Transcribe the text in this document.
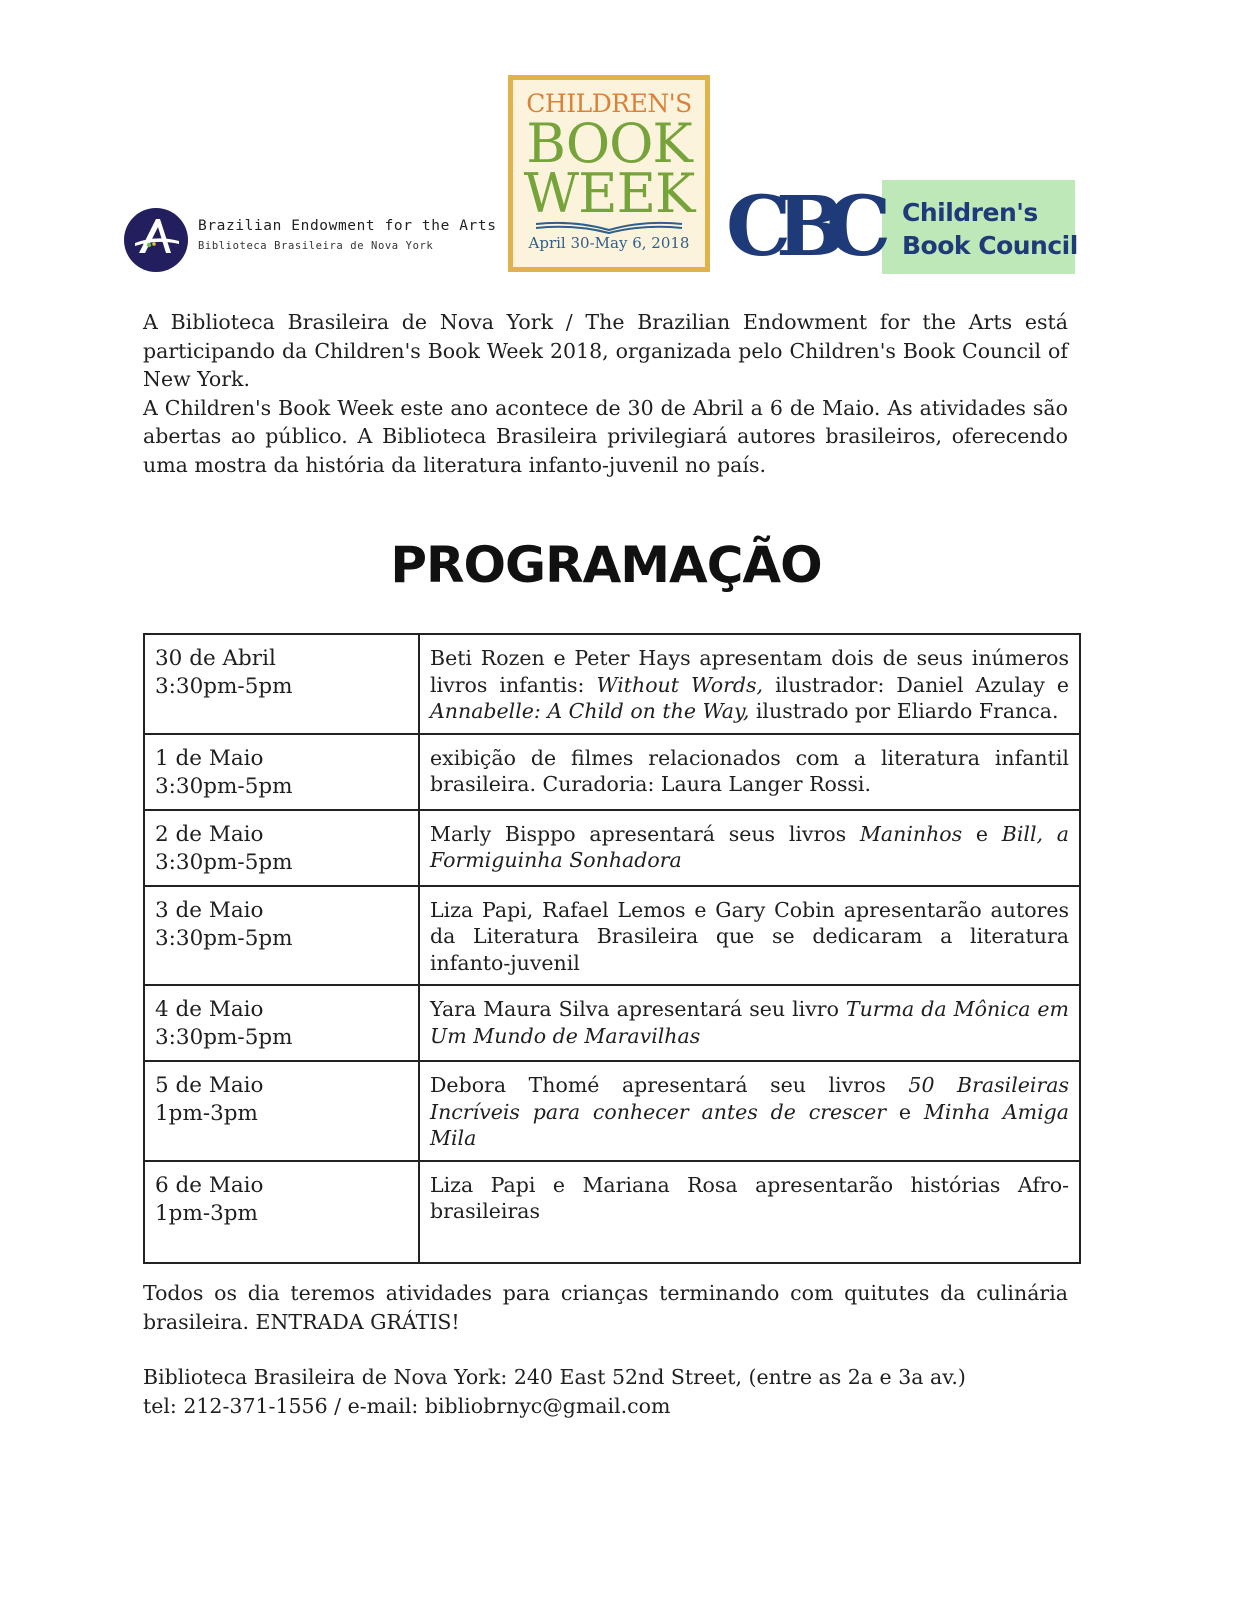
Brazilian Endowment for the Arts
Biblioteca Brasileira de Nova York
CHILDREN'S
BOOK
WEEK
April 30-May 6, 2018 C
B
C Children's
Book Council

A Biblioteca Brasileira de Nova York / The Brazilian Endowment for the Arts está participando da Children's Book Week 2018, organizada pelo Children's Book Council of New York.

A Children's Book Week este ano acontece de 30 de Abril a 6 de Maio. As atividades são abertas ao público. A Biblioteca Brasileira privilegiará autores brasileiros, oferecendo uma mostra da história da literatura infanto-juvenil no país.

PROGRAMAÇÃO
30 de Abril
3:30pm-5pm	Beti Rozen e Peter Hays apresentam dois de seus inúmeros livros infantis: Without Words, ilustrador: Daniel Azulay e Annabelle: A Child on the Way, ilustrado por Eliardo Franca.

1 de Maio
3:30pm-5pm	exibição de filmes relacionados com a literatura infantil brasileira. Curadoria: Laura Langer Rossi.

2 de Maio
3:30pm-5pm	Marly Bisppo apresentará seus livros Maninhos e Bill, a Formiguinha Sonhadora

3 de Maio
3:30pm-5pm	Liza Papi, Rafael Lemos e Gary Cobin apresentarão autores da Literatura Brasileira que se dedicaram a literatura infanto-juvenil

4 de Maio
3:30pm-5pm	Yara Maura Silva apresentará seu livro Turma da Mônica em Um Mundo de Maravilhas

5 de Maio
1pm-3pm	Debora Thomé apresentará seu livros 50 Brasileiras Incríveis para conhecer antes de crescer e Minha Amiga Mila

6 de Maio
1pm-3pm	Liza Papi e Mariana Rosa apresentarão histórias Afro-brasileiras
Todos os dia teremos atividades para crianças terminando com quitutes da culinária brasileira. ENTRADA GRÁTIS!
Biblioteca Brasileira de Nova York: 240 East 52nd Street, (entre as 2a e 3a av.)
tel: 212-371-1556 / e-mail: bibliobrnyc@gmail.com
